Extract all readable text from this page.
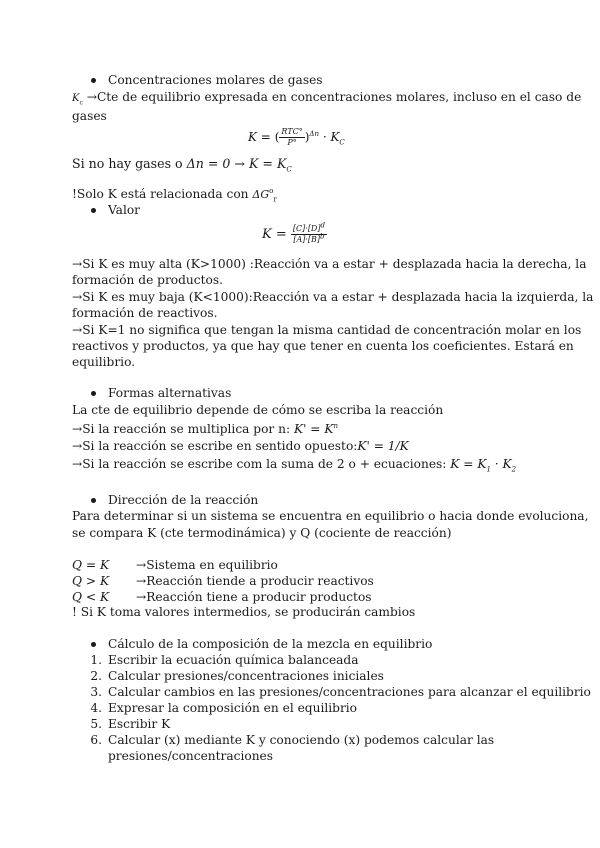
Concentraciones molares de gases
$K_c \to Cte$ de equilibrio expresada en concentraciones molares, incluso en el caso de
gases
K = ( $\frac{\text{RTC°}}{P^\circ} )^{\Delta n} \cdot K_C$
Si no hay gases o $\Delta n = 0 \to K = K_C$
!Solo K está relacionada con $\Delta G^o_r$
Valor
$K = \frac{[C]\cdot[D]^d}{[A]\cdot[B]^b}$
→Si K es muy alta (K>1000) :Reacción va a estar + desplazada hacia la derecha, la
formación de productos.
→Si K es muy baja (K<1000):Reacción va a estar + desplazada hacia la izquierda, la
formación de reactivos.
→Si K=1 no significa que tengan la misma cantidad de concentración molar en los
reactivos y productos, ya que hay que tener en cuenta los coeficientes. Estará en
equilibrio.
Formas alternativas
La cte de equilibrio depende de cómo se escriba la reacción
→Si la reacción se multiplica por n: $K' = K^n$
→Si la reacción se escribe en sentido opuesto:K' = 1/K
→Si la reacción se escribe com la suma de 2 o + ecuaciones: $K = K_1 \cdot K_2$
Dirección de la reacción
Para determinar si un sistema se encuentra en equilibrio o hacia donde evoluciona,
se compara K (cte termodinámica) y Q (cociente de reacción)
Q = K →Sistema en equilibrio
Q > K →Reacción tiende a producir reactivos
Q < K →Reacción tiene a producir productos
! Si K toma valores intermedios, se producirán cambios
Cálculo de la composición de la mezcla en equilibrio
1. Escribir la ecuación química balanceada
2. Calcular presiones/concentraciones iniciales
3. Calcular cambios en las presiones/concentraciones para alcanzar el equilibrio
4. Expresar la composición en el equilibrio
5. Escribir K
6. Calcular (x) mediante K y conociendo (x) podemos calcular las
presiones/concentraciones
